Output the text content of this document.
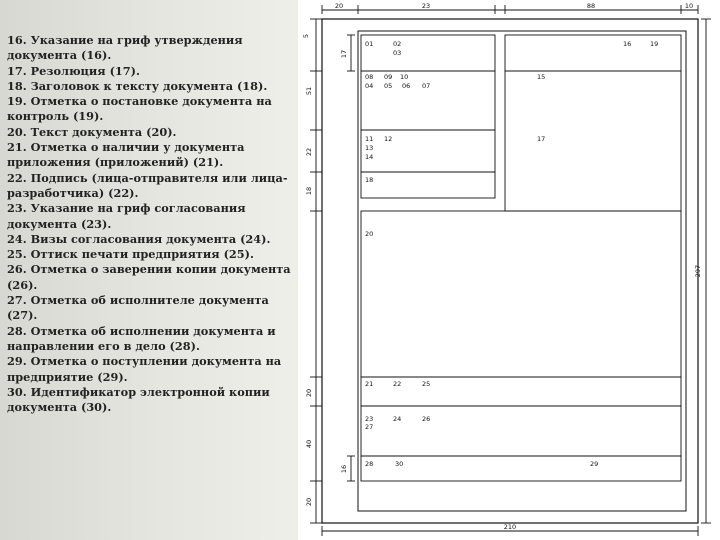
16. Указание на гриф утверждения

документа (16).

17. Резолюция (17).

18. Заголовок к тексту документа (18).

19. Отметка о постановке документа на

контроль (19).

20. Текст документа (20).

21. Отметка о наличии у документа

приложения (приложений) (21).

22. Подпись (лица-отправителя или лица-

разработчика) (22).

23. Указание на гриф согласования

документа (23).

24. Визы согласования документа (24).

25. Оттиск печати предприятия (25).

26. Отметка о заверении копии документа

(26).

27. Отметка об исполнителе документа (27).

28. Отметка об исполнении документа и

направлении его в дело (28).

29. Отметка о поступлении документа на

предприятие (29).

30. Идентификатор электронной копии

документа (30).

01	02
03
08 09 10
04 05 06 07
11 12
13
14
18
16	19
15
17
20
21	22	25
23	24	26
27
28	30	29
20	23	88	10
5
17
51
22
18
297
20
40
16
20
210
